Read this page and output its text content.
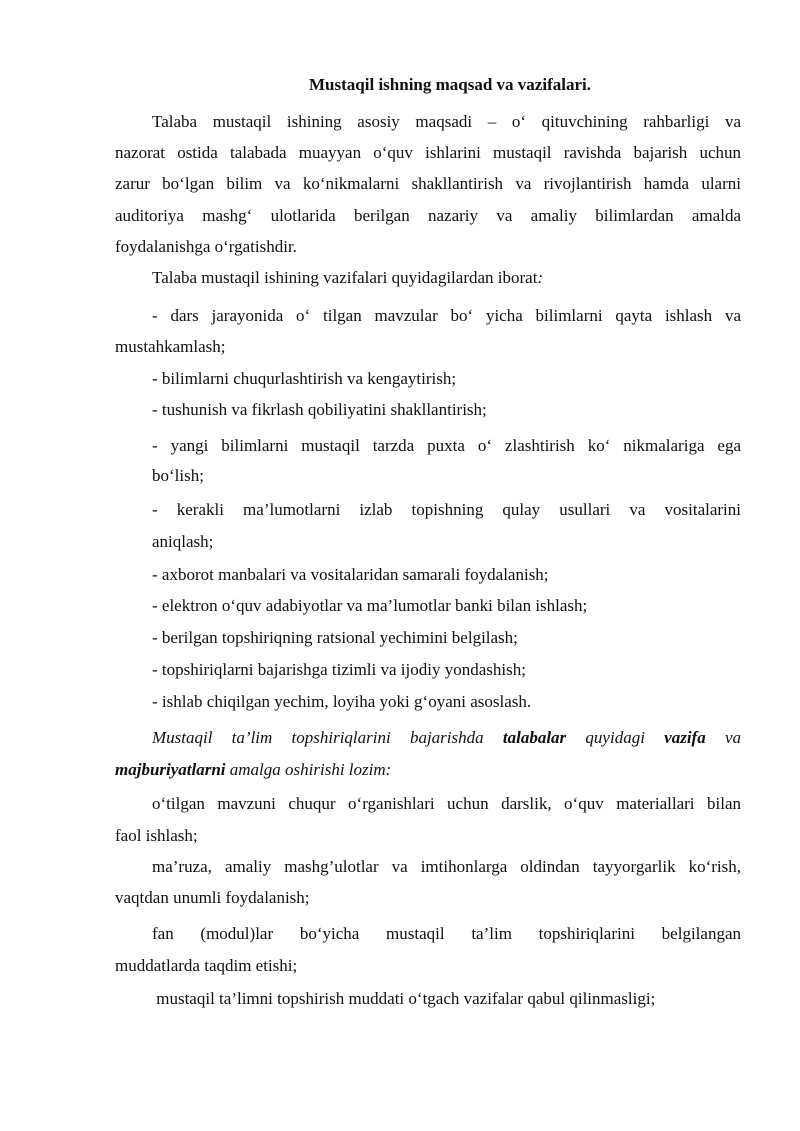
Mustaqil ishning maqsad va vazifalari.
Talaba mustaqil ishining asosiy maqsadi – o‘ qituvchining rahbarligi va
nazorat ostida talabada muayyan o‘quv ishlarini mustaqil ravishda bajarish uchun
zarur bo‘lgan bilim va ko‘nikmalarni shakllantirish va rivojlantirish hamda ularni
auditoriya mashg‘ ulotlarida berilgan nazariy va amaliy bilimlardan amalda
foydalanishga o‘rgatishdir.
Talaba mustaqil ishining vazifalari quyidagilardan iborat:
- dars jarayonida o‘ tilgan mavzular bo‘ yicha bilimlarni qayta ishlash va
mustahkamlash;
- bilimlarni chuqurlashtirish va kengaytirish;
- tushunish va fikrlash qobiliyatini shakllantirish;
- yangi bilimlarni mustaqil tarzda puxta o‘ zlashtirish ko‘ nikmalariga ega
bo‘lish;
- kerakli ma’lumotlarni izlab topishning qulay usullari va vositalarini
aniqlash;
- axborot manbalari va vositalaridan samarali foydalanish;
- elektron o‘quv adabiyotlar va ma’lumotlar banki bilan ishlash;
- berilgan topshiriqning ratsional yechimini belgilash;
- topshiriqlarni bajarishga tizimli va ijodiy yondashish;
- ishlab chiqilgan yechim, loyiha yoki g‘oyani asoslash.
Mustaqil ta’lim topshiriqlarini bajarishda talabalar quyidagi vazifa va
majburiyatlarni amalga oshirishi lozim:
o‘tilgan mavzuni chuqur o‘rganishlari uchun darslik, o‘quv materiallari bilan
faol ishlash;
ma’ruza, amaliy mashg’ulotlar va imtihonlarga oldindan tayyorgarlik ko‘rish,
vaqtdan unumli foydalanish;
fan (modul)lar bo‘yicha mustaqil ta’lim topshiriqlarini belgilangan
muddatlarda taqdim etishi;
mustaqil ta’limni topshirish muddati o‘tgach vazifalar qabul qilinmasligi;
